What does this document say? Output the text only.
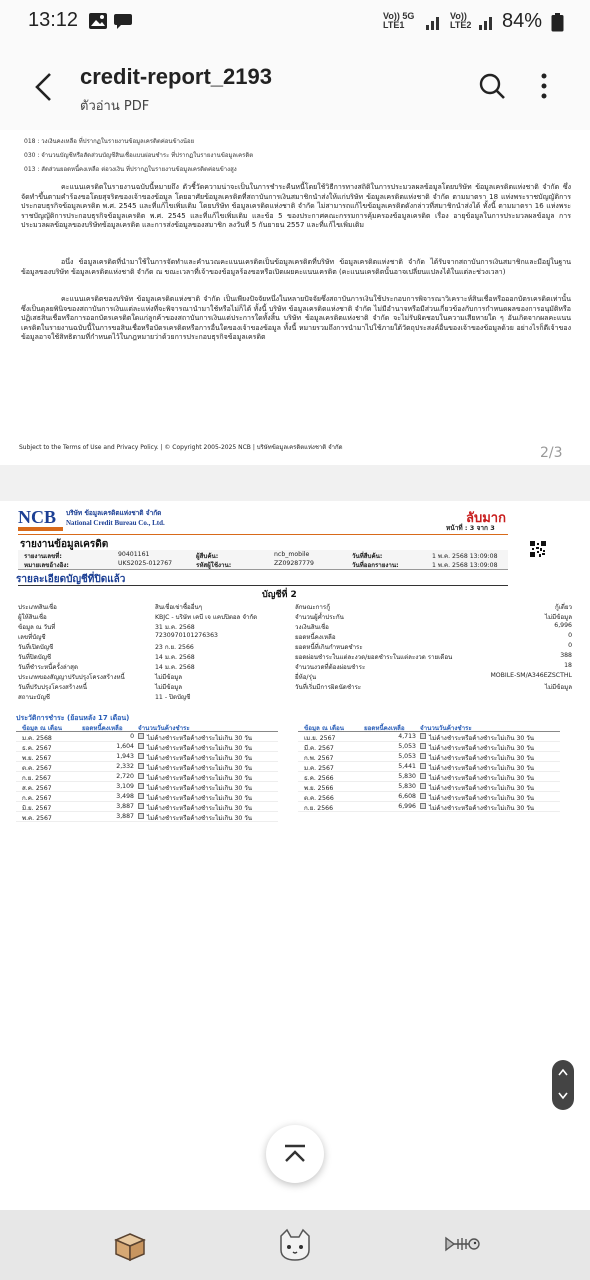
13:12	Vo)) 5G
LTE1
Vo))
LTE2 84%
credit-report_2193
ตัวอ่าน PDF
018 : วงเงินคงเหลือ ที่ปรากฏในรายงานข้อมูลเครดิตค่อนข้างน้อย
030 : จำนวนบัญชีหรือสัดส่วนบัญชีสินเชื่อแบบผ่อนชำระ ที่ปรากฏในรายงานข้อมูลเครดิต
013 : สัดส่วนยอดหนี้คงเหลือ ต่อวงเงิน ที่ปรากฏในรายงานข้อมูลเครดิตค่อนข้างสูง
คะแนนเครดิตในรายงานฉบับนี้หมายถึง ตัวชี้วัดความน่าจะเป็นในการชำระคืนหนี้โดยใช้วิธีการทางสถิติในการประมวลผลข้อมูลโดยบริษัท ข้อมูลเครดิตแห่งชาติ จำกัด ซึ่งจัดทำขึ้นตามคำร้องขอโดยสุจริตของเจ้าของข้อมูล โดยอาศัยข้อมูลเครดิตที่สถาบันการเงินสมาชิกนำส่งให้แก่บริษัท ข้อมูลเครดิตแห่งชาติ จำกัด ตามมาตรา 18 แห่งพระราชบัญญัติการประกอบธุรกิจข้อมูลเครดิต พ.ศ. 2545 และที่แก้ไขเพิ่มเติม โดยบริษัท ข้อมูลเครดิตแห่งชาติ จำกัด ไม่สามารถแก้ไขข้อมูลเครดิตดังกล่าวที่สมาชิกนำส่งได้ ทั้งนี้ ตามมาตรา 16 แห่งพระราชบัญญัติการประกอบธุรกิจข้อมูลเครดิต พ.ศ. 2545 และที่แก้ไขเพิ่มเติม และข้อ 5 ของประกาศคณะกรรมการคุ้มครองข้อมูลเครดิต เรื่อง อายุข้อมูลในการประมวลผลข้อมูล การประมวลผลข้อมูลของบริษัทข้อมูลเครดิต และการส่งข้อมูลของสมาชิก ลงวันที่ 5 กันยายน 2557 และที่แก้ไขเพิ่มเติม
อนึ่ง ข้อมูลเครดิตที่นำมาใช้ในการจัดทำและคำนวณคะแนนเครดิตเป็นข้อมูลเครดิตที่บริษัท ข้อมูลเครดิตแห่งชาติ จำกัด ได้รับจากสถาบันการเงินสมาชิกและมีอยู่ในฐานข้อมูลของบริษัท ข้อมูลเครดิตแห่งชาติ จำกัด ณ ขณะเวลาที่เจ้าของข้อมูลร้องขอหรือเปิดเผยคะแนนเครดิต (คะแนนเครดิตนั้นอาจเปลี่ยนแปลงได้ในแต่ละช่วงเวลา)
คะแนนเครดิตของบริษัท ข้อมูลเครดิตแห่งชาติ จำกัด เป็นเพียงปัจจัยหนึ่งในหลายปัจจัยซึ่งสถาบันการเงินใช้ประกอบการพิจารณาวิเคราะห์สินเชื่อหรือออกบัตรเครดิตเท่านั้น ซึ่งเป็นดุลยพินิจของสถาบันการเงินแต่ละแห่งที่จะพิจารณานำมาใช้หรือไม่ก็ได้ ทั้งนี้ บริษัท ข้อมูลเครดิตแห่งชาติ จำกัด ไม่มีอำนาจหรือมีส่วนเกี่ยวข้องกับการกำหนดผลของการอนุมัติหรือปฏิเสธสินเชื่อหรือการออกบัตรเครดิตใดแก่ลูกค้าของสถาบันการเงินแต่ประการใดทั้งสิ้น บริษัท ข้อมูลเครดิตแห่งชาติ จำกัด จะไม่รับผิดชอบในความเสียหายใด ๆ อันเกิดจากผลคะแนนเครดิตในรายงานฉบับนี้ในการขอสินเชื่อหรือบัตรเครดิตหรือการอื่นใดของเจ้าของข้อมูล ทั้งนี้ หมายรวมถึงการนำมาไปใช้ภายใต้วัตถุประสงค์อื่นของเจ้าของข้อมูลด้วย อย่างไรก็ดีเจ้าของข้อมูลอาจใช้สิทธิตามที่กำหนดไว้ในกฎหมายว่าด้วยการประกอบธุรกิจข้อมูลเครดิต
Subject to the Terms of Use and Privacy Policy. | © Copyright 2005-2025 NCB | บริษัทข้อมูลเครดิตแห่งชาติ จำกัด	2/3
NCB บริษัท ข้อมูลเครดิตแห่งชาติ จำกัด
National Credit Bureau Co., Ltd.	ลับมาก
หน้าที่ : 3 จาก 3
รายงานข้อมูลเครดิต
รายงานเลขที่:	90401161
หมายเลขอ้างอิง:	UKS2025-012767
ผู้สืบค้น:	ncb_mobile
รหัสผู้ใช้งาน:	ZZ09287779
วันที่สืบค้น:	1 พ.ค. 2568 13:09:08
วันที่ออกรายงาน:	1 พ.ค. 2568 13:09:08
รายละเอียดบัญชีที่ปิดแล้ว
บัญชีที่ 2
ประเภทสินเชื่อ	สินเชื่อเช่าซื้ออื่นๆ
ผู้ให้สินเชื่อ	KBJC - บริษัท เคบี เจ แคปปิตอล จำกัด
ข้อมูล ณ วันที่	31 ม.ค. 2568
เลขที่บัญชี	7230970101276363
วันที่เปิดบัญชี	23 ก.ย. 2566
วันที่ปิดบัญชี	14 ม.ค. 2568
วันที่ชำระหนี้ครั้งล่าสุด	14 ม.ค. 2568
ประเภทของสัญญาปรับปรุงโครงสร้างหนี้	ไม่มีข้อมูล
วันที่ปรับปรุงโครงสร้างหนี้	ไม่มีข้อมูล
สถานะบัญชี	11 - ปิดบัญชี
ลักษณะการกู้	กู้เดี่ยว
จำนวนผู้ค้ำประกัน	ไม่มีข้อมูล
วงเงินสินเชื่อ	6,996
ยอดหนี้คงเหลือ	0
ยอดหนี้ที่เกินกำหนดชำระ	0
ยอดผ่อนชำระในแต่ละงวด/ยอดชำระในแต่ละงวด รายเดือน	388
จำนวนงวดที่ต้องผ่อนชำระ	18
ยี่ห้อ/รุ่น	MOBILE-SM/A346EZSCTHL
วันที่เริ่มมีการผิดนัดชำระ	ไม่มีข้อมูล
ประวัติการชำระ (ย้อนหลัง 17 เดือน)
ข้อมูล ณ เดือน	ยอดหนี้คงเหลือ จำนวนวันค้างชำระ
ม.ค. 2568	0 ไม่ค้างชำระหรือค้างชำระไม่เกิน 30 วัน
ธ.ค. 2567	1,604 ไม่ค้างชำระหรือค้างชำระไม่เกิน 30 วัน
พ.ย. 2567	1,943 ไม่ค้างชำระหรือค้างชำระไม่เกิน 30 วัน
ต.ค. 2567	2,332 ไม่ค้างชำระหรือค้างชำระไม่เกิน 30 วัน
ก.ย. 2567	2,720 ไม่ค้างชำระหรือค้างชำระไม่เกิน 30 วัน
ส.ค. 2567	3,109 ไม่ค้างชำระหรือค้างชำระไม่เกิน 30 วัน
ก.ค. 2567	3,498 ไม่ค้างชำระหรือค้างชำระไม่เกิน 30 วัน
มิ.ย. 2567	3,887 ไม่ค้างชำระหรือค้างชำระไม่เกิน 30 วัน
พ.ค. 2567	3,887 ไม่ค้างชำระหรือค้างชำระไม่เกิน 30 วัน
ข้อมูล ณ เดือน	ยอดหนี้คงเหลือ จำนวนวันค้างชำระ
เม.ย. 2567	4,713 ไม่ค้างชำระหรือค้างชำระไม่เกิน 30 วัน
มี.ค. 2567	5,053 ไม่ค้างชำระหรือค้างชำระไม่เกิน 30 วัน
ก.พ. 2567	5,053 ไม่ค้างชำระหรือค้างชำระไม่เกิน 30 วัน
ม.ค. 2567	5,441 ไม่ค้างชำระหรือค้างชำระไม่เกิน 30 วัน
ธ.ค. 2566	5,830 ไม่ค้างชำระหรือค้างชำระไม่เกิน 30 วัน
พ.ย. 2566	5,830 ไม่ค้างชำระหรือค้างชำระไม่เกิน 30 วัน
ต.ค. 2566	6,608 ไม่ค้างชำระหรือค้างชำระไม่เกิน 30 วัน
ก.ย. 2566	6,996 ไม่ค้างชำระหรือค้างชำระไม่เกิน 30 วัน
